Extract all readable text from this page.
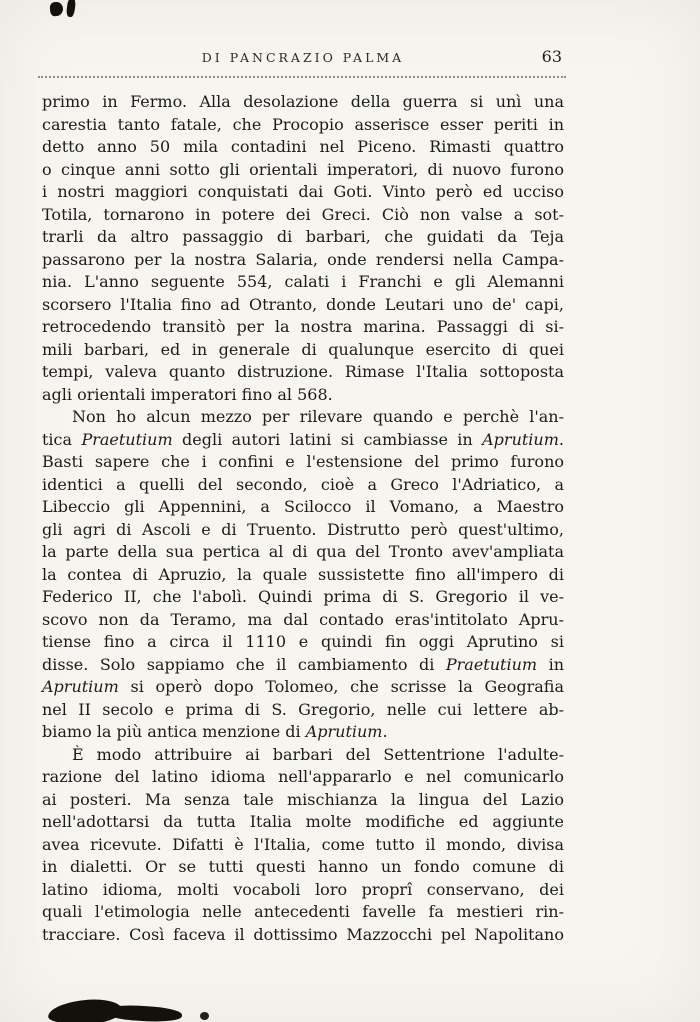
DI PANCRAZIO PALMA	63
primo in Fermo. Alla desolazione della guerra si unì una
carestia tanto fatale, che Procopio asserisce esser periti in
detto anno 50 mila contadini nel Piceno. Rimasti quattro
o cinque anni sotto gli orientali imperatori, di nuovo furono
i nostri maggiori conquistati dai Goti. Vinto però ed ucciso
Totila, tornarono in potere dei Greci. Ciò non valse a sot-
trarli da altro passaggio di barbari, che guidati da Teja
passarono per la nostra Salaria, onde rendersi nella Campa-
nia. L'anno seguente 554, calati i Franchi e gli Alemanni
scorsero l'Italia fino ad Otranto, donde Leutari uno de' capi,
retrocedendo transitò per la nostra marina. Passaggi di si-
mili barbari, ed in generale di qualunque esercito di quei
tempi, valeva quanto distruzione. Rimase l'Italia sottoposta
agli orientali imperatori fino al 568.
Non ho alcun mezzo per rilevare quando e perchè l'an-
tica Praetutium degli autori latini si cambiasse in Aprutium.
Basti sapere che i confini e l'estensione del primo furono
identici a quelli del secondo, cioè a Greco l'Adriatico, a
Libeccio gli Appennini, a Scilocco il Vomano, a Maestro
gli agri di Ascoli e di Truento. Distrutto però quest'ultimo,
la parte della sua pertica al di qua del Tronto avev'ampliata
la contea di Apruzio, la quale sussistette fino all'impero di
Federico II, che l'abolì. Quindi prima di S. Gregorio il ve-
scovo non da Teramo, ma dal contado eras'intitolato Apru-
tiense fino a circa il 1110 e quindi fin oggi Aprutino si
disse. Solo sappiamo che il cambiamento di Praetutium in
Aprutium si operò dopo Tolomeo, che scrisse la Geografia
nel II secolo e prima di S. Gregorio, nelle cui lettere ab-
biamo la più antica menzione di Aprutium.
È modo attribuire ai barbari del Settentrione l'adulte-
razione del latino idioma nell'appararlo e nel comunicarlo
ai posteri. Ma senza tale mischianza la lingua del Lazio
nell'adottarsi da tutta Italia molte modifiche ed aggiunte
avea ricevute. Difatti è l'Italia, come tutto il mondo, divisa
in dialetti. Or se tutti questi hanno un fondo comune di
latino idioma, molti vocaboli loro proprî conservano, dei
quali l'etimologia nelle antecedenti favelle fa mestieri rin-
tracciare. Così faceva il dottissimo Mazzocchi pel Napolitano
